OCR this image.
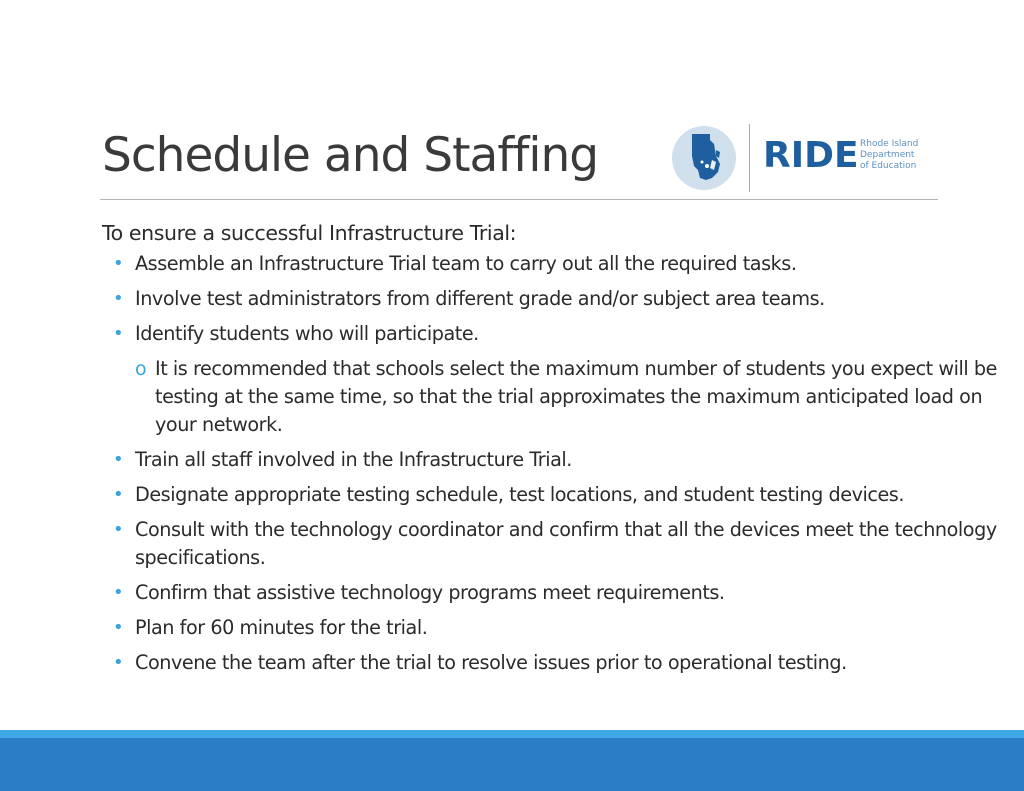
Schedule and Staffing	RIDE Rhode Island
Department
of Education
To ensure a successful Infrastructure Trial:
• Assemble an Infrastructure Trial team to carry out all the required tasks.
• Involve test administrators from different grade and/or subject area teams.
• Identify students who will participate.
o It is recommended that schools select the maximum number of students you expect will be testing at the same time, so that the trial approximates the maximum anticipated load on your network.
• Train all staff involved in the Infrastructure Trial.
• Designate appropriate testing schedule, test locations, and student testing devices.
• Consult with the technology coordinator and confirm that all the devices meet the technology specifications.
• Confirm that assistive technology programs meet requirements.
• Plan for 60 minutes for the trial.
• Convene the team after the trial to resolve issues prior to operational testing.
